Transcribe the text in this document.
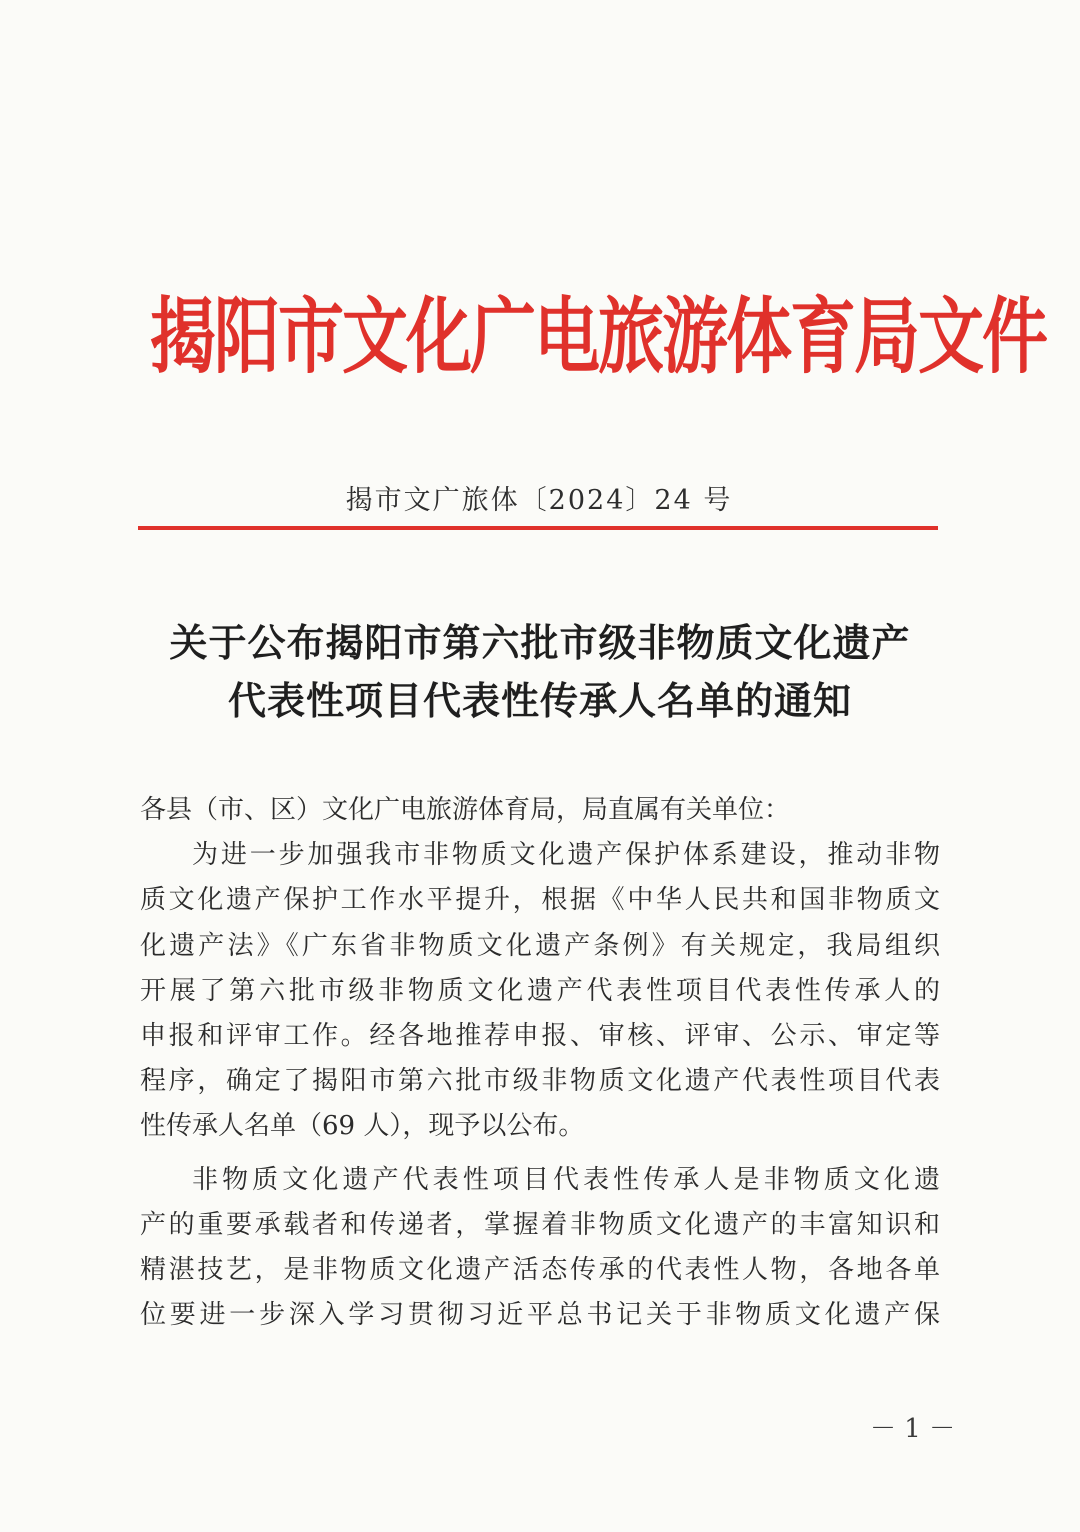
揭阳市文化广电旅游体育局文件
揭市文广旅体〔2024〕24 号
关于公布揭阳市第六批市级非物质文化遗产
代表性项目代表性传承人名单的通知
各县（市、区）文化广电旅游体育局，局直属有关单位：
为进一步加强我市非物质文化遗产保护体系建设，推动非物
质文化遗产保护工作水平提升，根据《中华人民共和国非物质文
化遗产法》《广东省非物质文化遗产条例》有关规定，我局组织
开展了第六批市级非物质文化遗产代表性项目代表性传承人的
申报和评审工作。经各地推荐申报、审核、评审、公示、审定等
程序，确定了揭阳市第六批市级非物质文化遗产代表性项目代表
性传承人名单（69 人），现予以公布。
非物质文化遗产代表性项目代表性传承人是非物质文化遗
产的重要承载者和传递者，掌握着非物质文化遗产的丰富知识和
精湛技艺，是非物质文化遗产活态传承的代表性人物，各地各单
位要进一步深入学习贯彻习近平总书记关于非物质文化遗产保
－ 1 －
